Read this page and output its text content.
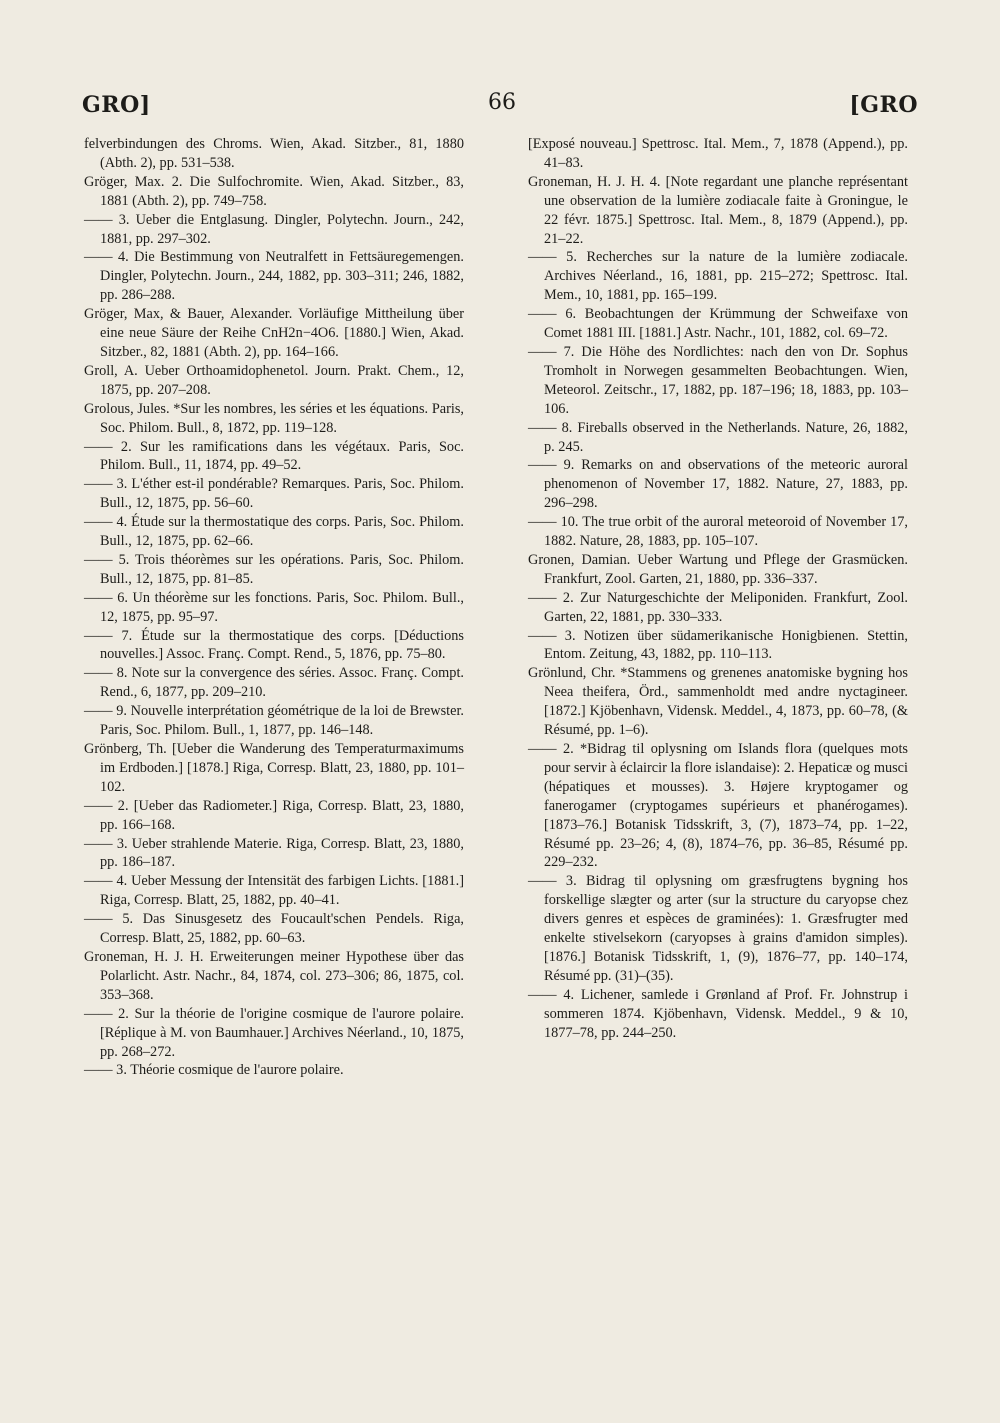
GRO]	66	[GRO

felverbindungen des Chroms. Wien, Akad. Sitzber., 81, 1880 (Abth. 2), pp. 531–538.

Gröger, Max. 2. Die Sulfochromite. Wien, Akad. Sitzber., 83, 1881 (Abth. 2), pp. 749–758.

—— 3. Ueber die Entglasung. Dingler, Polytechn. Journ., 242, 1881, pp. 297–302.

—— 4. Die Bestimmung von Neutralfett in Fettsäuregemengen. Dingler, Polytechn. Journ., 244, 1882, pp. 303–311; 246, 1882, pp. 286–288.

Gröger, Max, & Bauer, Alexander. Vorläufige Mittheilung über eine neue Säure der Reihe CnH2n−4O6. [1880.] Wien, Akad. Sitzber., 82, 1881 (Abth. 2), pp. 164–166.

Groll, A. Ueber Orthoamidophenetol. Journ. Prakt. Chem., 12, 1875, pp. 207–208.

Grolous, Jules. *Sur les nombres, les séries et les équations. Paris, Soc. Philom. Bull., 8, 1872, pp. 119–128.

—— 2. Sur les ramifications dans les végétaux. Paris, Soc. Philom. Bull., 11, 1874, pp. 49–52.

—— 3. L'éther est-il pondérable? Remarques. Paris, Soc. Philom. Bull., 12, 1875, pp. 56–60.

—— 4. Étude sur la thermostatique des corps. Paris, Soc. Philom. Bull., 12, 1875, pp. 62–66.

—— 5. Trois théorèmes sur les opérations. Paris, Soc. Philom. Bull., 12, 1875, pp. 81–85.

—— 6. Un théorème sur les fonctions. Paris, Soc. Philom. Bull., 12, 1875, pp. 95–97.

—— 7. Étude sur la thermostatique des corps. [Déductions nouvelles.] Assoc. Franç. Compt. Rend., 5, 1876, pp. 75–80.

—— 8. Note sur la convergence des séries. Assoc. Franç. Compt. Rend., 6, 1877, pp. 209–210.

—— 9. Nouvelle interprétation géométrique de la loi de Brewster. Paris, Soc. Philom. Bull., 1, 1877, pp. 146–148.

Grönberg, Th. [Ueber die Wanderung des Temperaturmaximums im Erdboden.] [1878.] Riga, Corresp. Blatt, 23, 1880, pp. 101–102.

—— 2. [Ueber das Radiometer.] Riga, Corresp. Blatt, 23, 1880, pp. 166–168.

—— 3. Ueber strahlende Materie. Riga, Corresp. Blatt, 23, 1880, pp. 186–187.

—— 4. Ueber Messung der Intensität des farbigen Lichts. [1881.] Riga, Corresp. Blatt, 25, 1882, pp. 40–41.

—— 5. Das Sinusgesetz des Foucault'schen Pendels. Riga, Corresp. Blatt, 25, 1882, pp. 60–63.

Groneman, H. J. H. Erweiterungen meiner Hypothese über das Polarlicht. Astr. Nachr., 84, 1874, col. 273–306; 86, 1875, col. 353–368.

—— 2. Sur la théorie de l'origine cosmique de l'aurore polaire. [Réplique à M. von Baumhauer.] Archives Néerland., 10, 1875, pp. 268–272.

—— 3. Théorie cosmique de l'aurore polaire.

[Exposé nouveau.] Spettrosc. Ital. Mem., 7, 1878 (Append.), pp. 41–83.

Groneman, H. J. H. 4. [Note regardant une planche représentant une observation de la lumière zodiacale faite à Groningue, le 22 févr. 1875.] Spettrosc. Ital. Mem., 8, 1879 (Append.), pp. 21–22.

—— 5. Recherches sur la nature de la lumière zodiacale. Archives Néerland., 16, 1881, pp. 215–272; Spettrosc. Ital. Mem., 10, 1881, pp. 165–199.

—— 6. Beobachtungen der Krümmung der Schweifaxe von Comet 1881 III. [1881.] Astr. Nachr., 101, 1882, col. 69–72.

—— 7. Die Höhe des Nordlichtes: nach den von Dr. Sophus Tromholt in Norwegen gesammelten Beobachtungen. Wien, Meteorol. Zeitschr., 17, 1882, pp. 187–196; 18, 1883, pp. 103–106.

—— 8. Fireballs observed in the Netherlands. Nature, 26, 1882, p. 245.

—— 9. Remarks on and observations of the meteoric auroral phenomenon of November 17, 1882. Nature, 27, 1883, pp. 296–298.

—— 10. The true orbit of the auroral meteoroid of November 17, 1882. Nature, 28, 1883, pp. 105–107.

Gronen, Damian. Ueber Wartung und Pflege der Grasmücken. Frankfurt, Zool. Garten, 21, 1880, pp. 336–337.

—— 2. Zur Naturgeschichte der Meliponiden. Frankfurt, Zool. Garten, 22, 1881, pp. 330–333.

—— 3. Notizen über südamerikanische Honigbienen. Stettin, Entom. Zeitung, 43, 1882, pp. 110–113.

Grönlund, Chr. *Stammens og grenenes anatomiske bygning hos Neea theifera, Örd., sammenholdt med andre nyctagineer. [1872.] Kjöbenhavn, Vidensk. Meddel., 4, 1873, pp. 60–78, (& Résumé, pp. 1–6).

—— 2. *Bidrag til oplysning om Islands flora (quelques mots pour servir à éclaircir la flore islandaise): 2. Hepaticæ og musci (hépatiques et mousses). 3. Højere kryptogamer og fanerogamer (cryptogames supérieurs et phanérogames). [1873–76.] Botanisk Tidsskrift, 3, (7), 1873–74, pp. 1–22, Résumé pp. 23–26; 4, (8), 1874–76, pp. 36–85, Résumé pp. 229–232.

—— 3. Bidrag til oplysning om græsfrugtens bygning hos forskellige slægter og arter (sur la structure du caryopse chez divers genres et espèces de graminées): 1. Græsfrugter med enkelte stivelsekorn (caryopses à grains d'amidon simples). [1876.] Botanisk Tidsskrift, 1, (9), 1876–77, pp. 140–174, Résumé pp. (31)–(35).

—— 4. Lichener, samlede i Grønland af Prof. Fr. Johnstrup i sommeren 1874. Kjöbenhavn, Vidensk. Meddel., 9 & 10, 1877–78, pp. 244–250.
